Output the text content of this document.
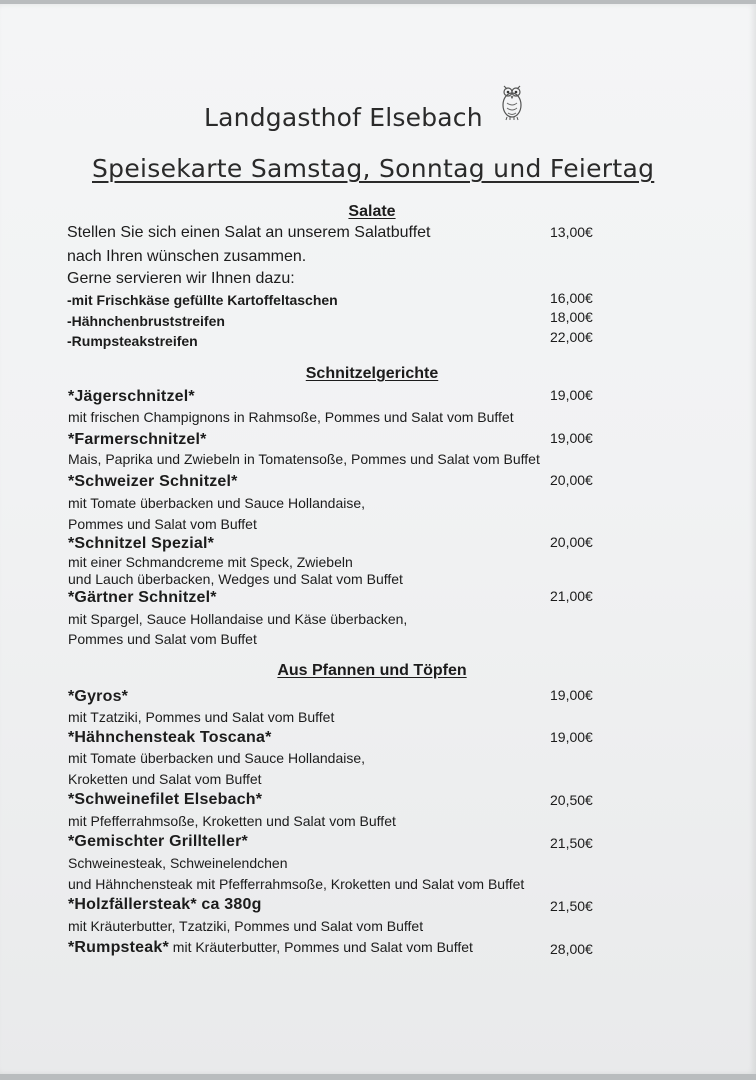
Landgasthof Elsebach
Speisekarte Samstag, Sonntag und Feiertag
Salate
Stellen Sie sich einen Salat an unserem Salatbuffet	13,00€
nach Ihren wünschen zusammen.
Gerne servieren wir Ihnen dazu:
-mit Frischkäse gefüllte Kartoffeltaschen	16,00€
-Hähnchenbruststreifen	18,00€
-Rumpsteakstreifen	22,00€
Schnitzelgerichte
*Jägerschnitzel*	19,00€
mit frischen Champignons in Rahmsoße, Pommes und Salat vom Buffet
*Farmerschnitzel*	19,00€
Mais, Paprika und Zwiebeln in Tomatensoße, Pommes und Salat vom Buffet
*Schweizer Schnitzel*	20,00€
mit Tomate überbacken und Sauce Hollandaise,
Pommes und Salat vom Buffet
*Schnitzel Spezial*	20,00€
mit einer Schmandcreme mit Speck, Zwiebeln
und Lauch überbacken, Wedges und Salat vom Buffet
*Gärtner Schnitzel*	21,00€
mit Spargel, Sauce Hollandaise und Käse überbacken,
Pommes und Salat vom Buffet
Aus Pfannen und Töpfen
*Gyros*	19,00€
mit Tzatziki, Pommes und Salat vom Buffet
*Hähnchensteak Toscana*	19,00€
mit Tomate überbacken und Sauce Hollandaise,
Kroketten und Salat vom Buffet
*Schweinefilet Elsebach*	20,50€
mit Pfefferrahmsoße, Kroketten und Salat vom Buffet
*Gemischter Grillteller*	21,50€
Schweinesteak, Schweinelendchen
und Hähnchensteak mit Pfefferrahmsoße, Kroketten und Salat vom Buffet
*Holzfällersteak* ca 380g	21,50€
mit Kräuterbutter, Tzatziki, Pommes und Salat vom Buffet
*Rumpsteak* mit Kräuterbutter, Pommes und Salat vom Buffet	28,00€
